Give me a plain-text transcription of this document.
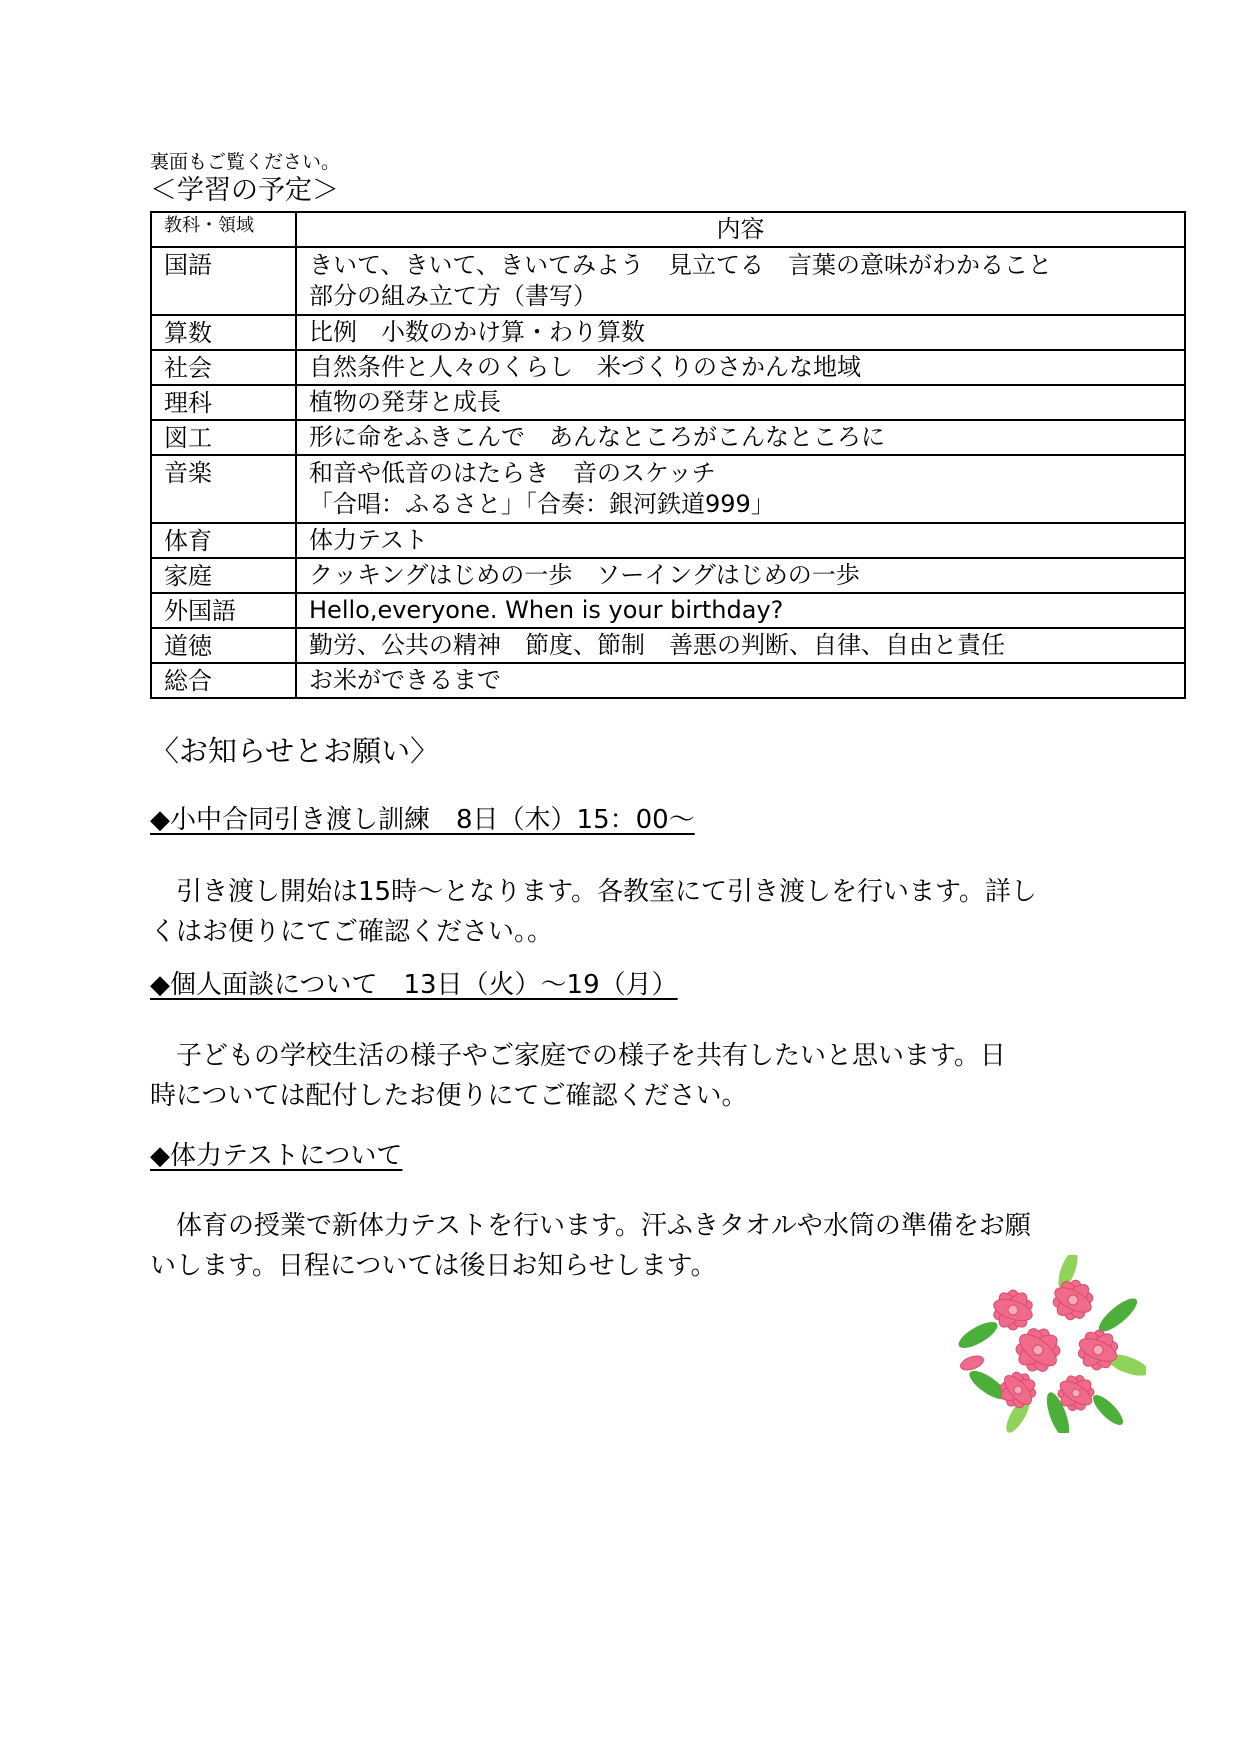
裏面もご覧ください。
＜学習の予定＞
教科・領域	内容
国語	きいて、きいて、きいてみよう　見立てる　言葉の意味がわかること
部分の組み立て方（書写）

算数	比例　小数のかけ算・わり算数
社会	自然条件と人々のくらし　米づくりのさかんな地域
理科	植物の発芽と成長
図工	形に命をふきこんで　あんなところがこんなところに
音楽	和音や低音のはたらき　音のスケッチ
「合唱：ふるさと」「合奏：銀河鉄道999」

体育	体力テスト
家庭	クッキングはじめの一歩　ソーイングはじめの一歩
外国語	Hello,everyone. When is your birthday?
道徳	勤労、公共の精神　節度、節制　善悪の判断、自律、自由と責任
総合	お米ができるまで
〈お知らせとお願い〉
◆小中合同引き渡し訓練　8日（木）15：00～
　引き渡し開始は15時～となります。各教室にて引き渡しを行います。詳し
くはお便りにてご確認ください。。
◆個人面談について　13日（火）～19（月）
　子どもの学校生活の様子やご家庭での様子を共有したいと思います。日
時については配付したお便りにてご確認ください。
◆体力テストについて
　体育の授業で新体力テストを行います。汗ふきタオルや水筒の準備をお願
いします。日程については後日お知らせします。
